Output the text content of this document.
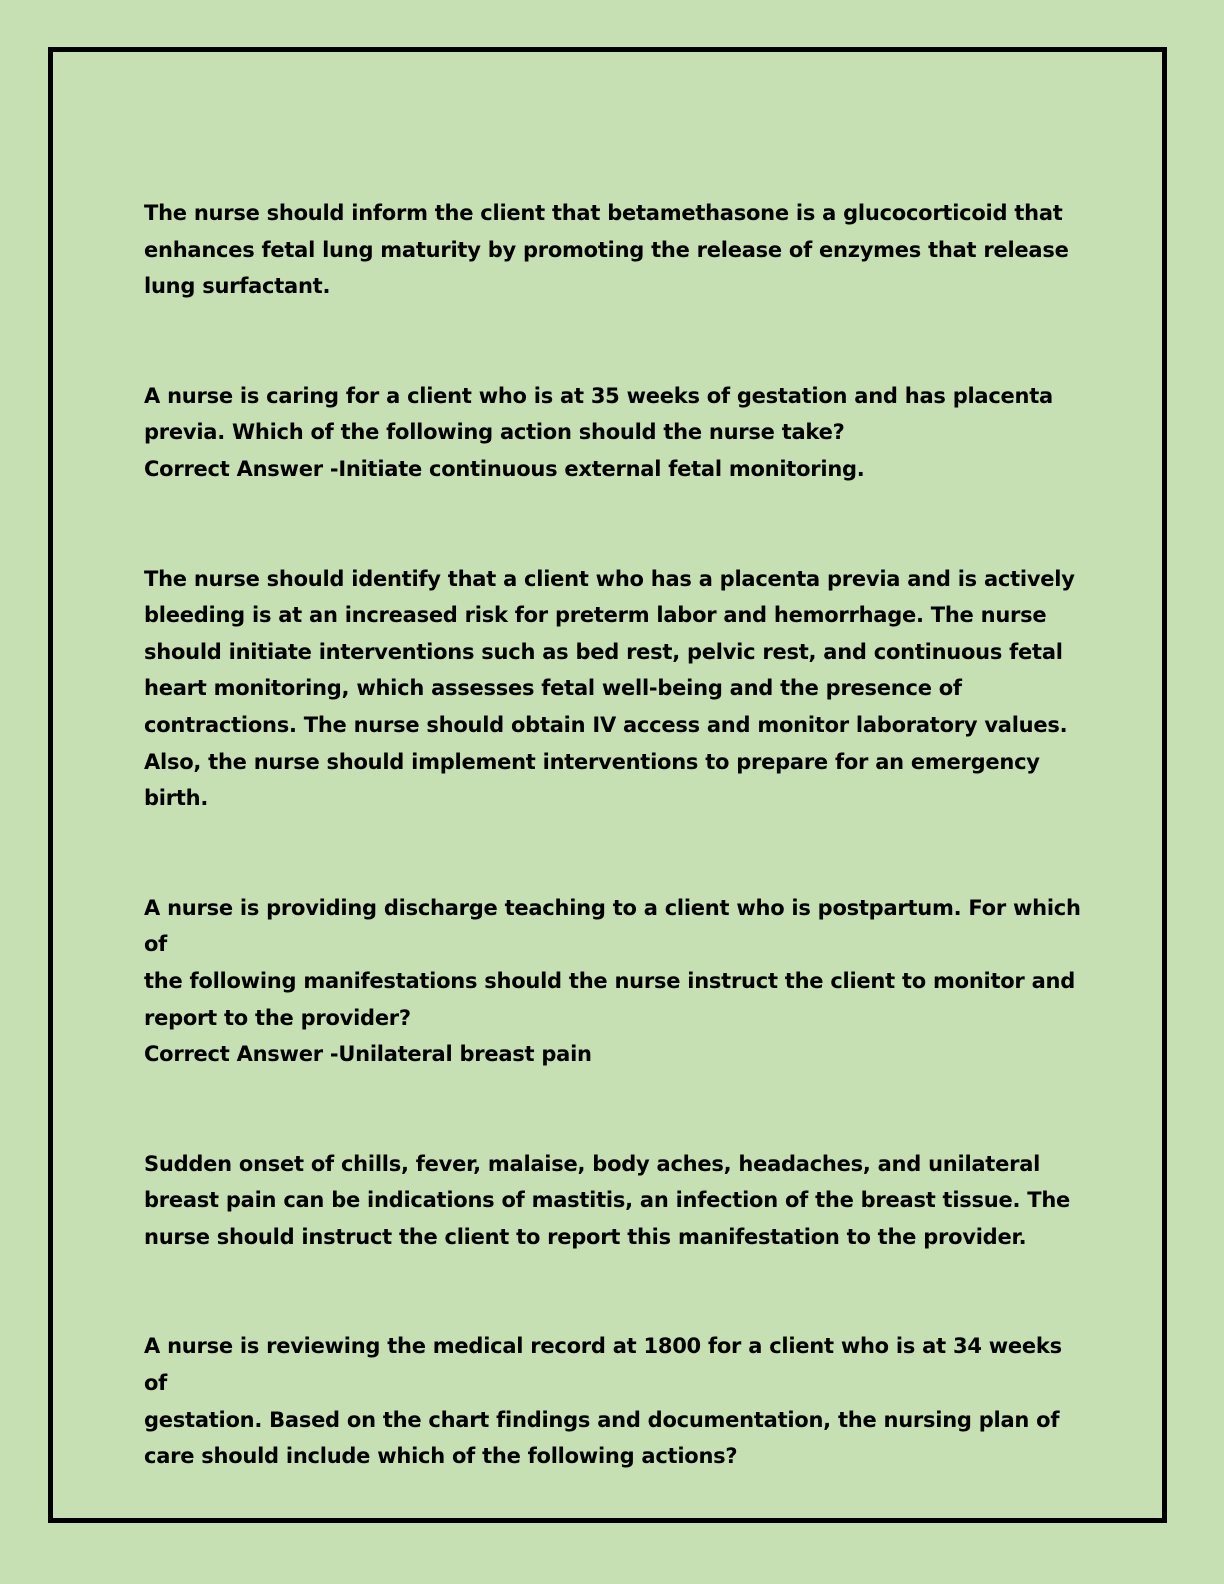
The nurse should inform the client that betamethasone is a glucocorticoid that
enhances fetal lung maturity by promoting the release of enzymes that release
lung surfactant.

A nurse is caring for a client who is at 35 weeks of gestation and has placenta
previa. Which of the following action should the nurse take?
Correct Answer -Initiate continuous external fetal monitoring.

The nurse should identify that a client who has a placenta previa and is actively
bleeding is at an increased risk for preterm labor and hemorrhage. The nurse
should initiate interventions such as bed rest, pelvic rest, and continuous fetal
heart monitoring, which assesses fetal well-being and the presence of
contractions. The nurse should obtain IV access and monitor laboratory values.
Also, the nurse should implement interventions to prepare for an emergency
birth.

A nurse is providing discharge teaching to a client who is postpartum. For which of
the following manifestations should the nurse instruct the client to monitor and
report to the provider?
Correct Answer -Unilateral breast pain

Sudden onset of chills, fever, malaise, body aches, headaches, and unilateral
breast pain can be indications of mastitis, an infection of the breast tissue. The
nurse should instruct the client to report this manifestation to the provider.

A nurse is reviewing the medical record at 1800 for a client who is at 34 weeks of
gestation. Based on the chart findings and documentation, the nursing plan of
care should include which of the following actions?
